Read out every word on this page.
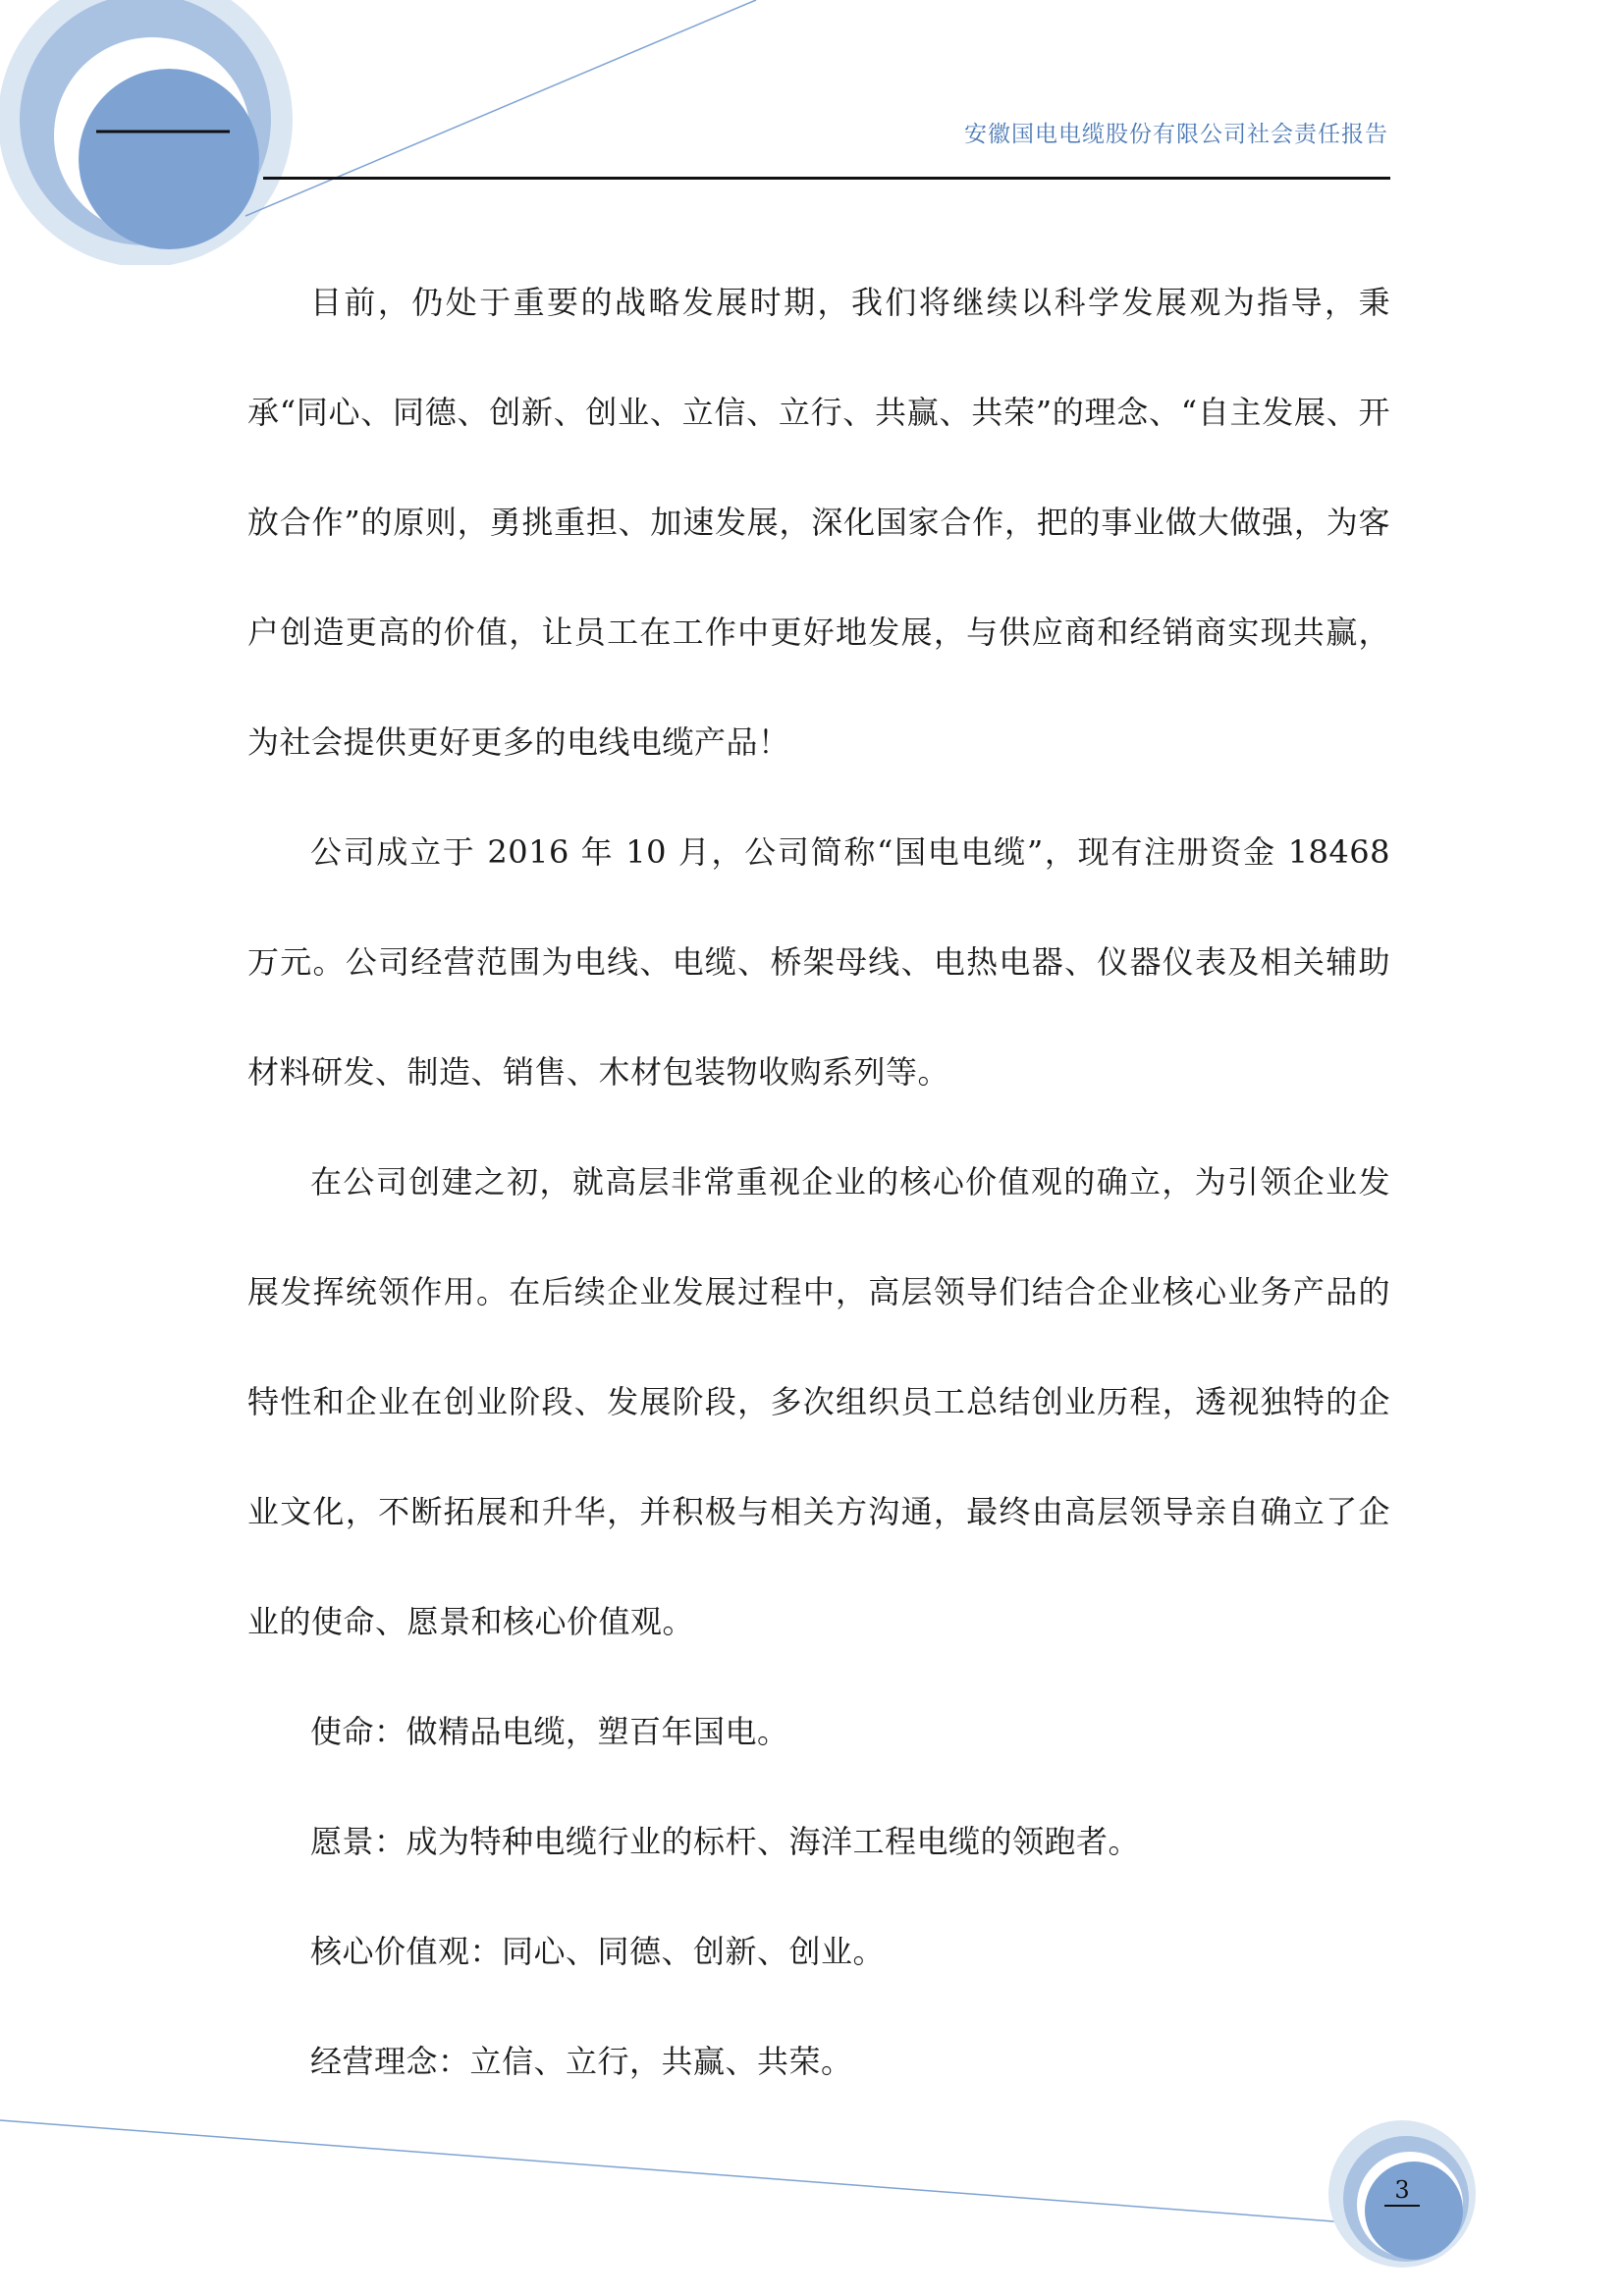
安徽国电电缆股份有限公司社会责任报告

目前，仍处于重要的战略发展时期，我们将继续以科学发展观为指导，秉承“同心、同德、创新、创业、立信、立行、共赢、共荣”的理念、“自主发展、开放合作”的原则，勇挑重担、加速发展，深化国家合作，把的事业做大做强，为客户创造更高的价值，让员工在工作中更好地发展，与供应商和经销商实现共赢，为社会提供更好更多的电线电缆产品！

公司成立于 2016 年 10 月，公司简称“国电电缆”，现有注册资金 18468 万元。公司经营范围为电线、电缆、桥架母线、电热电器、仪器仪表及相关辅助材料研发、制造、销售、木材包装物收购系列等。

在公司创建之初，就高层非常重视企业的核心价值观的确立，为引领企业发展发挥统领作用。在后续企业发展过程中，高层领导们结合企业核心业务产品的特性和企业在创业阶段、发展阶段，多次组织员工总结创业历程，透视独特的企业文化，不断拓展和升华，并积极与相关方沟通，最终由高层领导亲自确立了企业的使命、愿景和核心价值观。

使命：做精品电缆，塑百年国电。

愿景：成为特种电缆行业的标杆、海洋工程电缆的领跑者。

核心价值观：同心、同德、创新、创业。

经营理念：立信、立行，共赢、共荣。

3
